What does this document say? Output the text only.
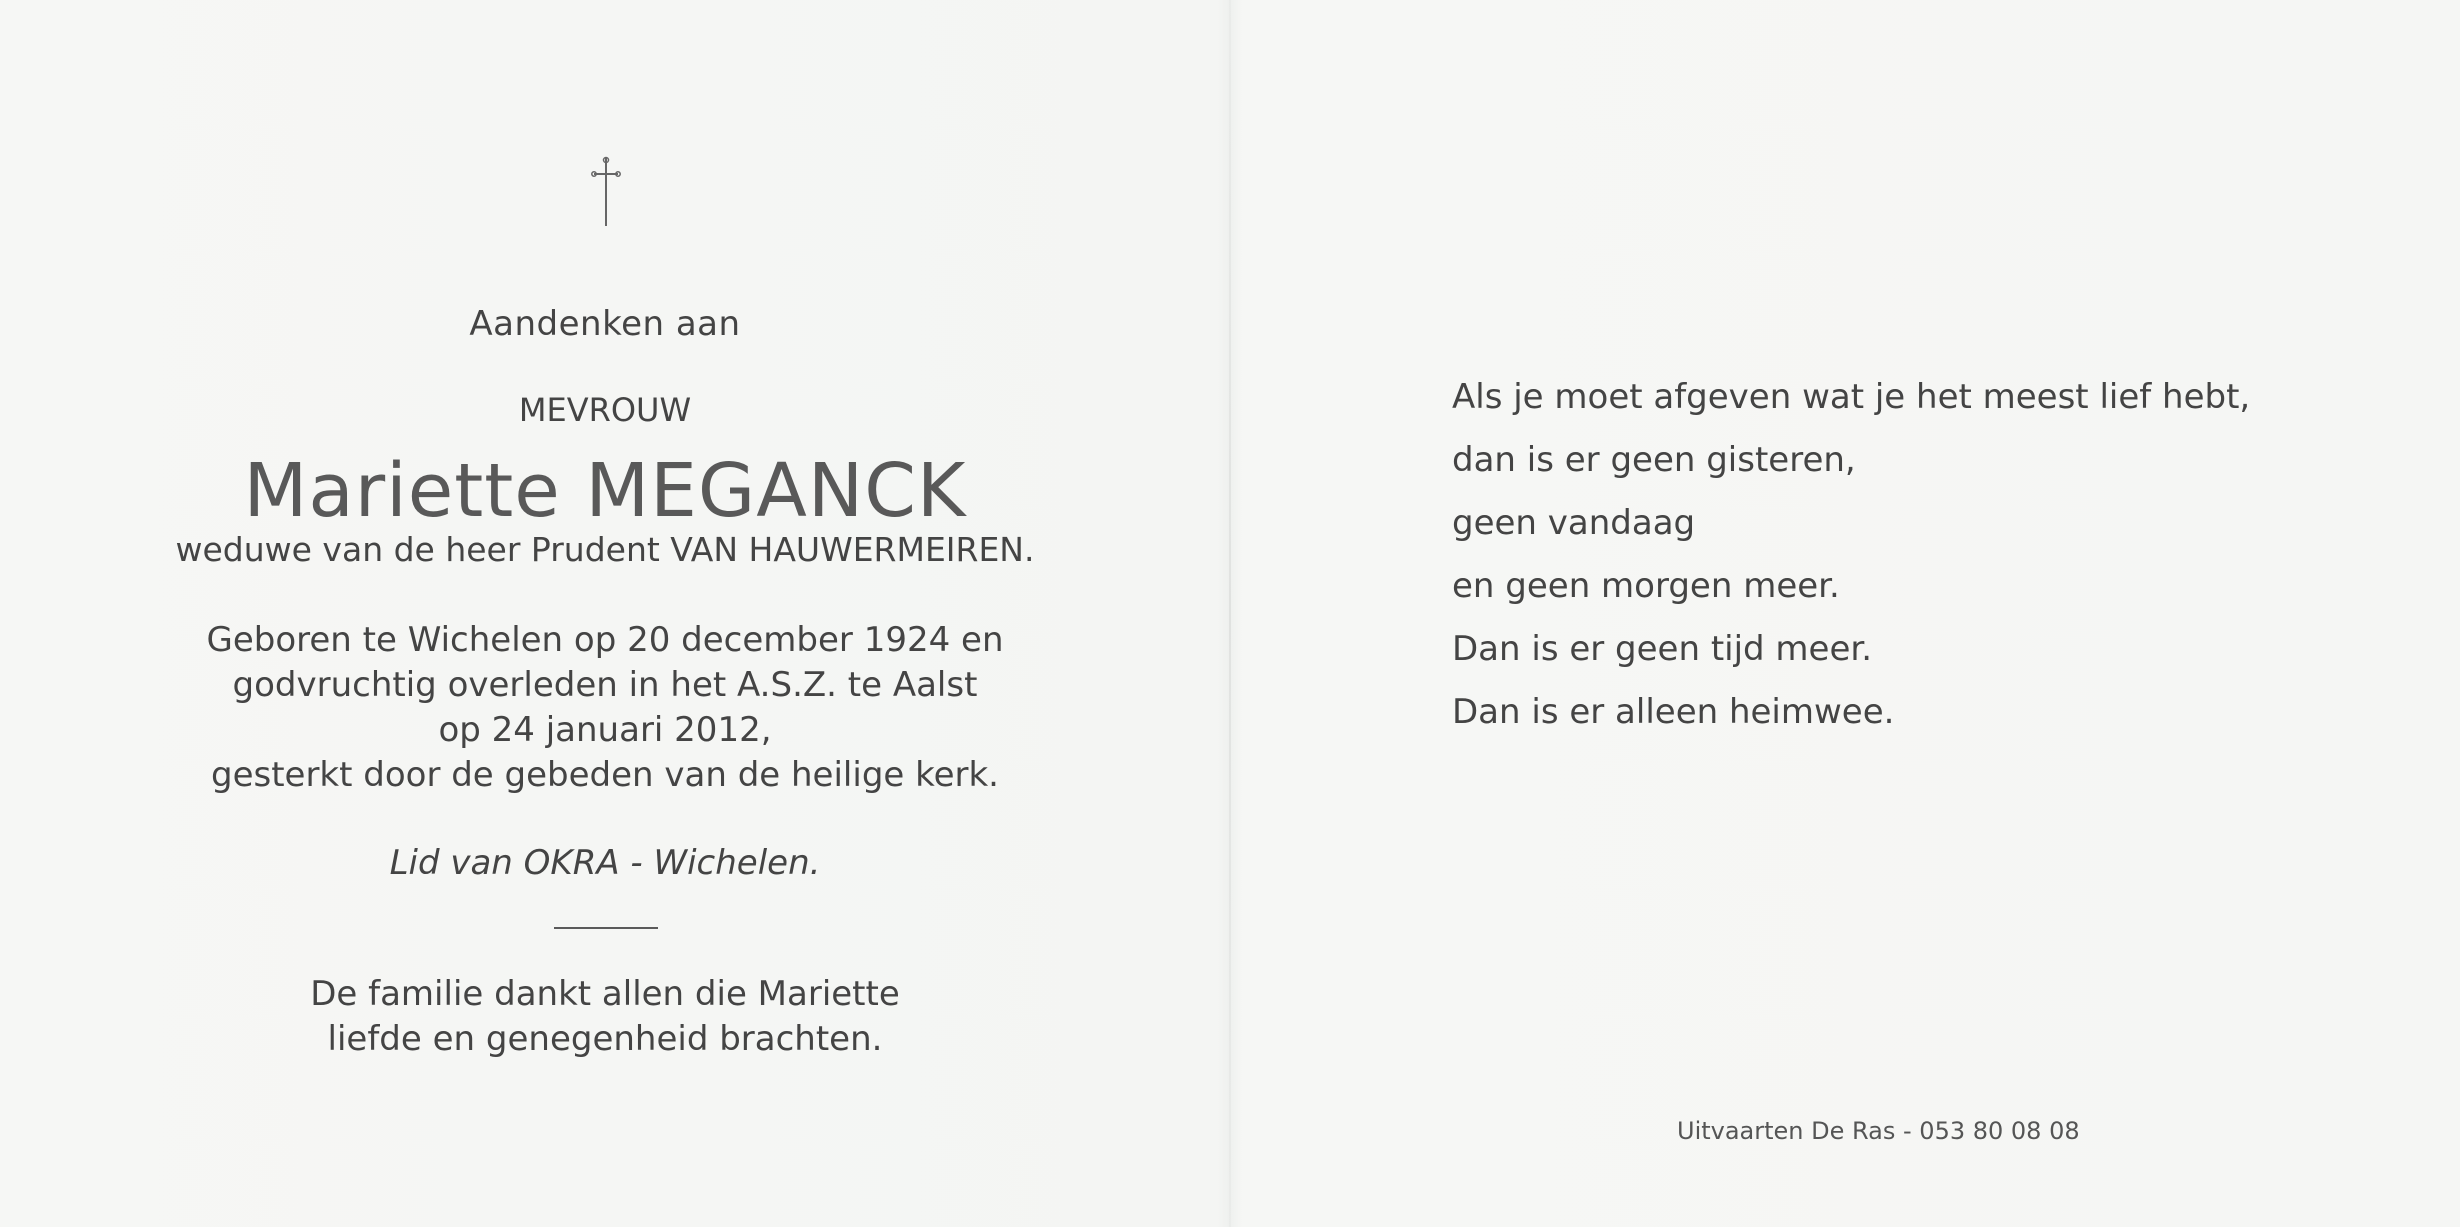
Aandenken aan
MEVROUW
Mariette MEGANCK
weduwe van de heer Prudent VAN HAUWERMEIREN.
Geboren te Wichelen op 20 december 1924 en
godvruchtig overleden in het A.S.Z. te Aalst
op 24 januari 2012,
gesterkt door de gebeden van de heilige kerk.
Lid van OKRA - Wichelen.
De familie dankt allen die Mariette
liefde en genegenheid brachten.
Als je moet afgeven wat je het meest lief hebt,
dan is er geen gisteren,
geen vandaag
en geen morgen meer.
Dan is er geen tijd meer.
Dan is er alleen heimwee.
Uitvaarten De Ras - 053 80 08 08
